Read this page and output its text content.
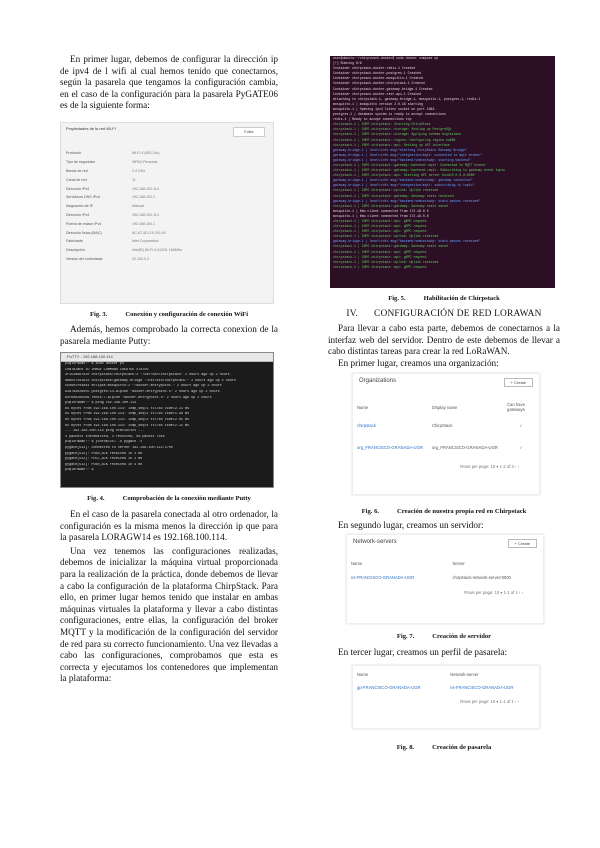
En primer lugar, debemos de configurar la dirección ip de ipv4 de l wifi al cual hemos tenido que conectarnos, según la pasarela que tengamos la configuración cambia, en el caso de la configuración para la pasarela PyGATE06 es de la siguiente forma:

Propiedades de la red Wi-Fi
Editar
Protocolo	Wi-Fi 4 (802.11n)
Tipo de seguridad	WPA2-Personal
Banda de red	2,4 GHz
Canal de red	11
Dirección IPv4	192.168.100.114
Servidores DNS IPv4	192.168.100.1
Asignación de IP	Manual
Dirección IPv4	192.168.100.114
Puerta de enlace IPv4	192.168.100.1
Dirección física (MAC)	AC-67-5D-XX-XX-XX
Fabricante	Intel Corporation
Descripción	Intel(R) Wi-Fi 6 AX201 160MHz
Versión del controlador	22.150.0.3

Fig. 3.	Conexión y configuración de conexión WiFi

Además, hemos comprobado la correcta conexion de la pasarela mediante Putty:

PuTTY - 192.168.100.114
pi@lorawan:~ $ sudo docker ps
CONTAINER ID IMAGE COMMAND CREATED STATUS
3f1c2a9b7d10 chirpstack/chirpstack:4 "/usr/bin/chirpstack" 2 hours ago Up 2 hours
8a0e47c61b22 chirpstack/gateway-bridge "/usr/bin/chirpstack-" 2 hours ago Up 2 hours
c5d9e1f03a44 eclipse-mosquitto:2 "/docker-entrypoint." 2 hours ago Up 2 hours
91b7a3e2d055 postgres:14-alpine "docker-entrypoint.s" 2 hours ago Up 2 hours
d4f6082b9c66 redis:7-alpine "docker-entrypoint.s" 2 hours ago Up 2 hours
pi@lorawan:~ $ ping 192.168.100.114
64 bytes from 192.168.100.114: icmp_seq=1 ttl=64 time=2.31 ms
64 bytes from 192.168.100.114: icmp_seq=2 ttl=64 time=1.98 ms
64 bytes from 192.168.100.114: icmp_seq=3 ttl=64 time=2.05 ms
64 bytes from 192.168.100.114: icmp_seq=4 ttl=64 time=2.12 ms
--- 192.168.100.114 ping statistics ---
4 packets transmitted, 4 received, 0% packet loss
pi@lorawan:~ $ journalctl -u pygate -f
pygate[512]: connected to server 192.168.100.114:1700
pygate[512]: PUSH_ACK received in 3 ms
pygate[512]: PULL_ACK received in 2 ms
pygate[512]: PUSH_ACK received in 4 ms
pi@lorawan:~ $

Fig. 4.	Comprobación de la conexión mediante Putty

En el caso de la pasarela conectada al otro ordenador, la configuración es la misma menos la dirección ip que para la pasarela LORAGW14 es 192.168.100.114.

Una vez tenemos las configuraciones realizadas, debemos de inicializar la máquina virtual proporcionada para la realización de la práctica, donde debemos de llevar a cabo la configuración de la plataforma ChirpStack. Para ello, en primer lugar hemos tenido que instalar en ambas máquinas virtuales la plataforma y llevar a cabo distintas configuraciones, entre ellas, la configuración del broker MQTT y la modificación de la configuración del servidor de red para su correcto funcionamiento. Una vez llevadas a cabo las configuraciones, comprobamos que esta es correcta y ejecutamos los contenedores que implementan la plataforma:

user@ubuntu:~/chirpstack-docker$ sudo docker compose up
[+] Running 6/6
Container chirpstack-docker-redis-1 Created
Container chirpstack-docker-postgres-1 Created
Container chirpstack-docker-mosquitto-1 Created
Container chirpstack-docker-chirpstack-1 Created
Container chirpstack-docker-gateway-bridge-1 Created
Container chirpstack-docker-rest-api-1 Created
Attaching to chirpstack-1, gateway-bridge-1, mosquitto-1, postgres-1, redis-1
mosquitto-1 | mosquitto version 2.0.18 starting
mosquitto-1 | Opening ipv4 listen socket on port 1883.
postgres-1 | database system is ready to accept connections
redis-1 | Ready to accept connections tcp
chirpstack-1 | INFO chirpstack: Starting ChirpStack
chirpstack-1 | INFO chirpstack::storage: Setting up PostgreSQL
chirpstack-1 | INFO chirpstack::storage: Applying schema migrations
chirpstack-1 | INFO chirpstack::region: Configuring region eu868
chirpstack-1 | INFO chirpstack::api: Setting up API interface
gateway-bridge-1 | level=info msg="starting ChirpStack Gateway Bridge"
gateway-bridge-1 | level=info msg="integration/mqtt: connected to mqtt broker"
gateway-bridge-1 | level=info msg="backend/semtechudp: starting backend"
chirpstack-1 | INFO chirpstack::gateway::backend::mqtt: Connected to MQTT broker
chirpstack-1 | INFO chirpstack::gateway::backend::mqtt: Subscribing to gateway event topic
chirpstack-1 | INFO chirpstack::api: Starting API server bind=0.0.0.0:8080
gateway-bridge-1 | level=info msg="backend/semtechudp: gateway connected"
gateway-bridge-1 | level=info msg="integration/mqtt: subscribing to topic"
chirpstack-1 | INFO chirpstack::uplink: Uplink received
chirpstack-1 | INFO chirpstack::gateway: Gateway stats received
gateway-bridge-1 | level=info msg="backend/semtechudp: stats packet received"
chirpstack-1 | INFO chirpstack::gateway: Gateway stats saved
mosquitto-1 | New client connected from 172.18.0.5
mosquitto-1 | New client connected from 172.18.0.6
chirpstack-1 | INFO chirpstack::api: gRPC request
chirpstack-1 | INFO chirpstack::api: gRPC request
chirpstack-1 | INFO chirpstack::api: gRPC request
chirpstack-1 | INFO chirpstack::uplink: Uplink received
gateway-bridge-1 | level=info msg="backend/semtechudp: stats packet received"
chirpstack-1 | INFO chirpstack::gateway: Gateway stats saved
chirpstack-1 | INFO chirpstack::api: gRPC request
chirpstack-1 | INFO chirpstack::api: gRPC request
chirpstack-1 | INFO chirpstack::uplink: Uplink received
chirpstack-1 | INFO chirpstack::api: gRPC request

Fig. 5.	Habilitación de Chirpstack

IV. CONFIGURACIÓN DE RED LORAWAN

Para llevar a cabo esta parte, debemos de conectarnos a la interfaz web del servidor. Dentro de este debemos de llevar a cabo distintas tareas para crear la red LoRaWAN.

En primer lugar, creamos una organización:

Organizations	+ Create
Name	Display name	Can have gateways
chirpstack	ChirpStack	✓
org_FRANCISCO-GRANADA-UGR	org_FRANCISCO-GRANADA-UGR	✓
Rows per page: 10 ▾ 1-2 of 2 ‹ ›

Fig. 6.	Creación de nuestra propia red en Chirpstack

En segundo lugar, creamos un servidor:

Network-servers	+ Create
Name	Server
ns-FRANCISCO-GRANADA-UGR	chirpstack-network-server:8000
Rows per page: 10 ▾ 1-1 of 1 ‹ ›

Fig. 7.	Creación de servidor

En tercer lugar, creamos un perfil de pasarela:

Name	Network-server
gp-FRANCISCO-GRANADA-UGR	ns-FRANCISCO-GRANADA-UGR
Rows per page: 10 ▾ 1-1 of 1 ‹ ›

Fig. 8.	Creación de pasarela
